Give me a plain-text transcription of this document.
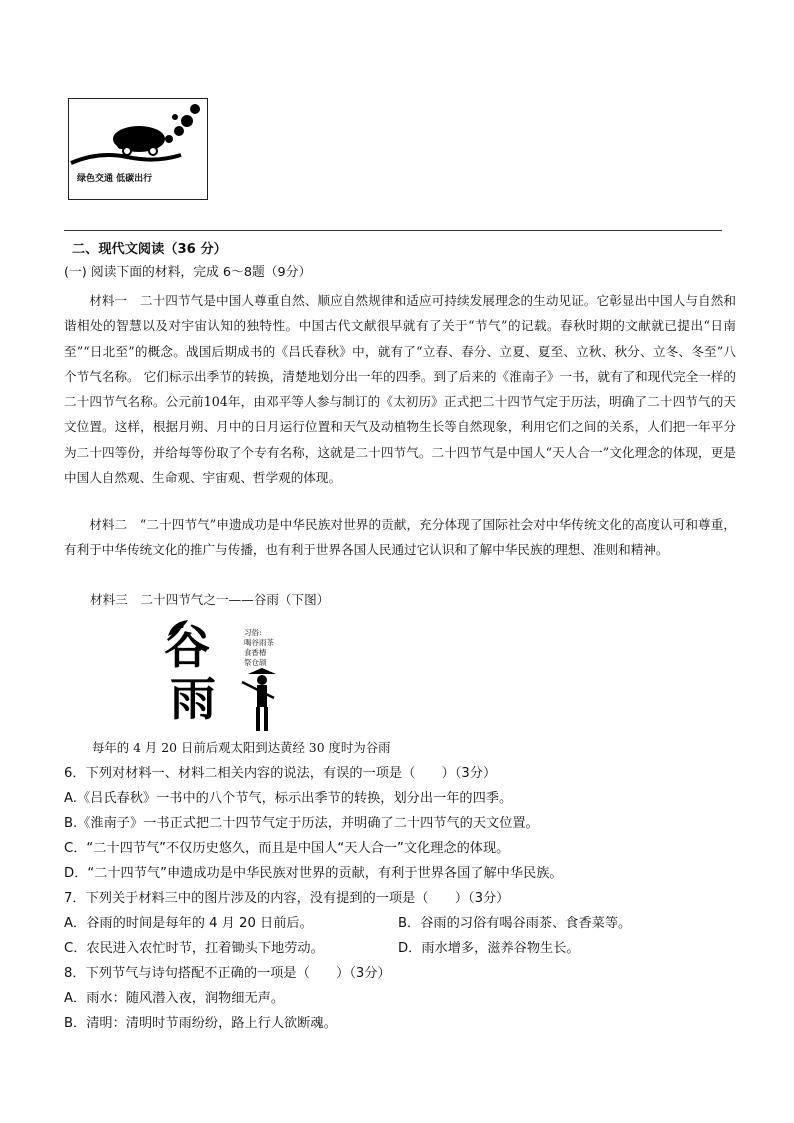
绿色交通 低碳出行
二、现代文阅读（36 分）
(一) 阅读下面的材料，完成 6～8题（9分）
材料一　二十四节气是中国人尊重自然、顺应自然规律和适应可持续发展理念的生动见证。它彰显出中国人与自然和谐相处的智慧以及对宇宙认知的独特性。中国古代文献很早就有了关于“节气”的记载。春秋时期的文献就已提出“日南至”“日北至”的概念。战国后期成书的《吕氏春秋》中，就有了“立春、春分、立夏、夏至、立秋、秋分、立冬、冬至”八个节气名称。 它们标示出季节的转换，清楚地划分出一年的四季。到了后来的《淮南子》一书，就有了和现代完全一样的二十四节气名称。公元前104年，由邓平等人参与制订的《太初历》正式把二十四节气定于历法，明确了二十四节气的天文位置。这样，根据月朔、月中的日月运行位置和天气及动植物生长等自然现象，利用它们之间的关系，人们把一年平分为二十四等份，并给每等份取了个专有名称，这就是二十四节气。二十四节气是中国人“天人合一”文化理念的体现，更是中国人自然观、生命观、宇宙观、哲学观的体现。
材料二　“二十四节气”申遗成功是中华民族对世界的贡献，充分体现了国际社会对中华传统文化的高度认可和尊重，有利于中华传统文化的推广与传播，也有利于世界各国人民通过它认识和了解中华民族的理想、准则和精神。
材料三　二十四节气之一——谷雨（下图）
谷
雨
习俗:
喝谷雨茶
食香椿
祭仓颉
每年的 4 月 20 日前后观太阳到达黄经 30 度时为谷雨
6．下列对材料一、材料二相关内容的说法，有误的一项是（　　）（3分）
A.《吕氏春秋》一书中的八个节气，标示出季节的转换，划分出一年的四季。
B.《淮南子》一书正式把二十四节气定于历法，并明确了二十四节气的天文位置。
C．“二十四节气”不仅历史悠久，而且是中国人“天人合一”文化理念的体现。
D．“二十四节气”申遗成功是中华民族对世界的贡献，有利于世界各国了解中华民族。
7．下列关于材料三中的图片涉及的内容，没有提到的一项是（　　）（3分）
A．谷雨的时间是每年的 4 月 20 日前后。	B．谷雨的习俗有喝谷雨茶、食香菜等。
C．农民进入农忙时节，扛着锄头下地劳动。	D．雨水增多，滋养谷物生长。
8．下列节气与诗句搭配不正确的一项是（　　）（3分）
A．雨水：随风潜入夜，润物细无声。
B．清明：清明时节雨纷纷，路上行人欲断魂。
